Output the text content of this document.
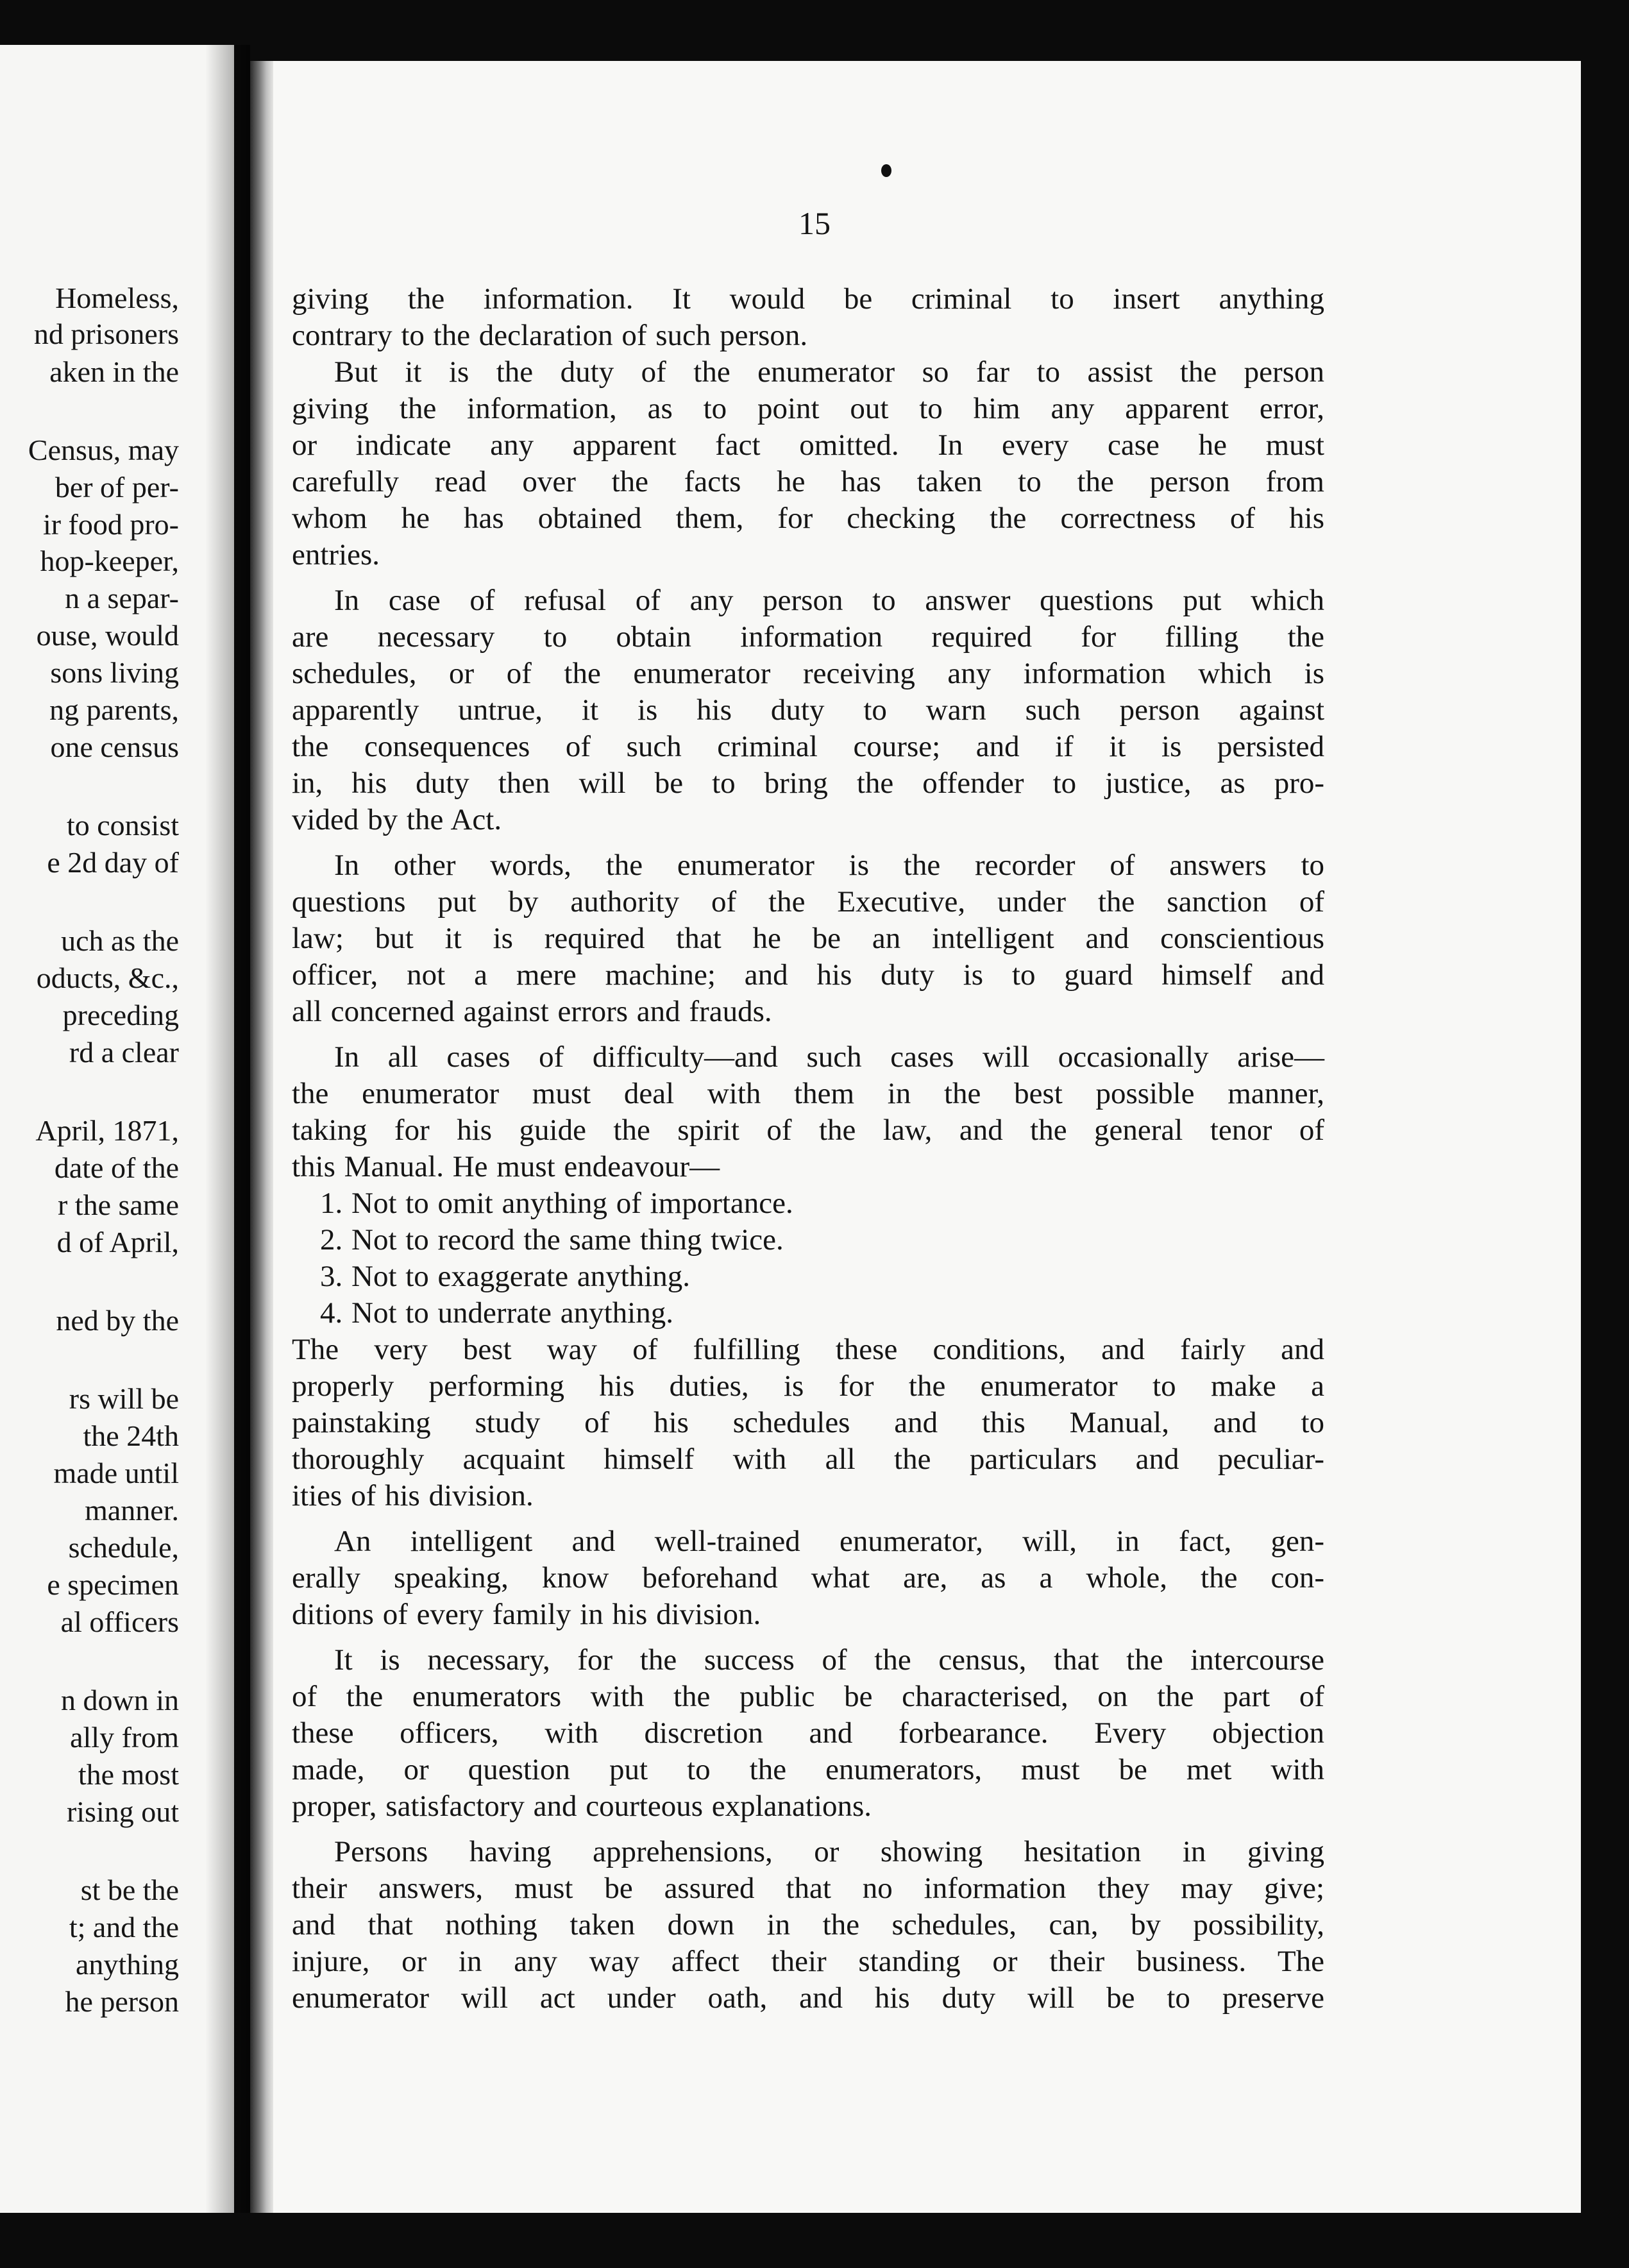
Homeless,
nd prisoners
aken in the
Census, may
ber of per-
ir food pro-
hop-keeper,
n a separ-
ouse, would
sons living
ng parents,
one census
to consist
e 2d day of
uch as the
oducts, &c.,
preceding
rd a clear
April, 1871,
date of the
r the same
d of April,
ned by the
rs will be
the 24th
made until
manner.
schedule,
e specimen
al officers
n down in
ally from
the most
rising out
st be the
t; and the
anything
he person
15
giving the information. It would be criminal to insert anything
contrary to the declaration of such person.
But it is the duty of the enumerator so far to assist the person
giving the information, as to point out to him any apparent error,
or indicate any apparent fact omitted. In every case he must
carefully read over the facts he has taken to the person from
whom he has obtained them, for checking the correctness of his
entries.
In case of refusal of any person to answer questions put which
are necessary to obtain information required for filling the
schedules, or of the enumerator receiving any information which is
apparently untrue, it is his duty to warn such person against
the consequences of such criminal course; and if it is persisted
in, his duty then will be to bring the offender to justice, as pro-
vided by the Act.
In other words, the enumerator is the recorder of answers to
questions put by authority of the Executive, under the sanction of
law; but it is required that he be an intelligent and conscientious
officer, not a mere machine; and his duty is to guard himself and
all concerned against errors and frauds.
In all cases of difficulty—and such cases will occasionally arise—
the enumerator must deal with them in the best possible manner,
taking for his guide the spirit of the law, and the general tenor of
this Manual. He must endeavour—
1. Not to omit anything of importance.
2. Not to record the same thing twice.
3. Not to exaggerate anything.
4. Not to underrate anything.
The very best way of fulfilling these conditions, and fairly and
properly performing his duties, is for the enumerator to make a
painstaking study of his schedules and this Manual, and to
thoroughly acquaint himself with all the particulars and peculiar-
ities of his division.
An intelligent and well-trained enumerator, will, in fact, gen-
erally speaking, know beforehand what are, as a whole, the con-
ditions of every family in his division.
It is necessary, for the success of the census, that the intercourse
of the enumerators with the public be characterised, on the part of
these officers, with discretion and forbearance. Every objection
made, or question put to the enumerators, must be met with
proper, satisfactory and courteous explanations.
Persons having apprehensions, or showing hesitation in giving
their answers, must be assured that no information they may give;
and that nothing taken down in the schedules, can, by possibility,
injure, or in any way affect their standing or their business. The
enumerator will act under oath, and his duty will be to preserve
